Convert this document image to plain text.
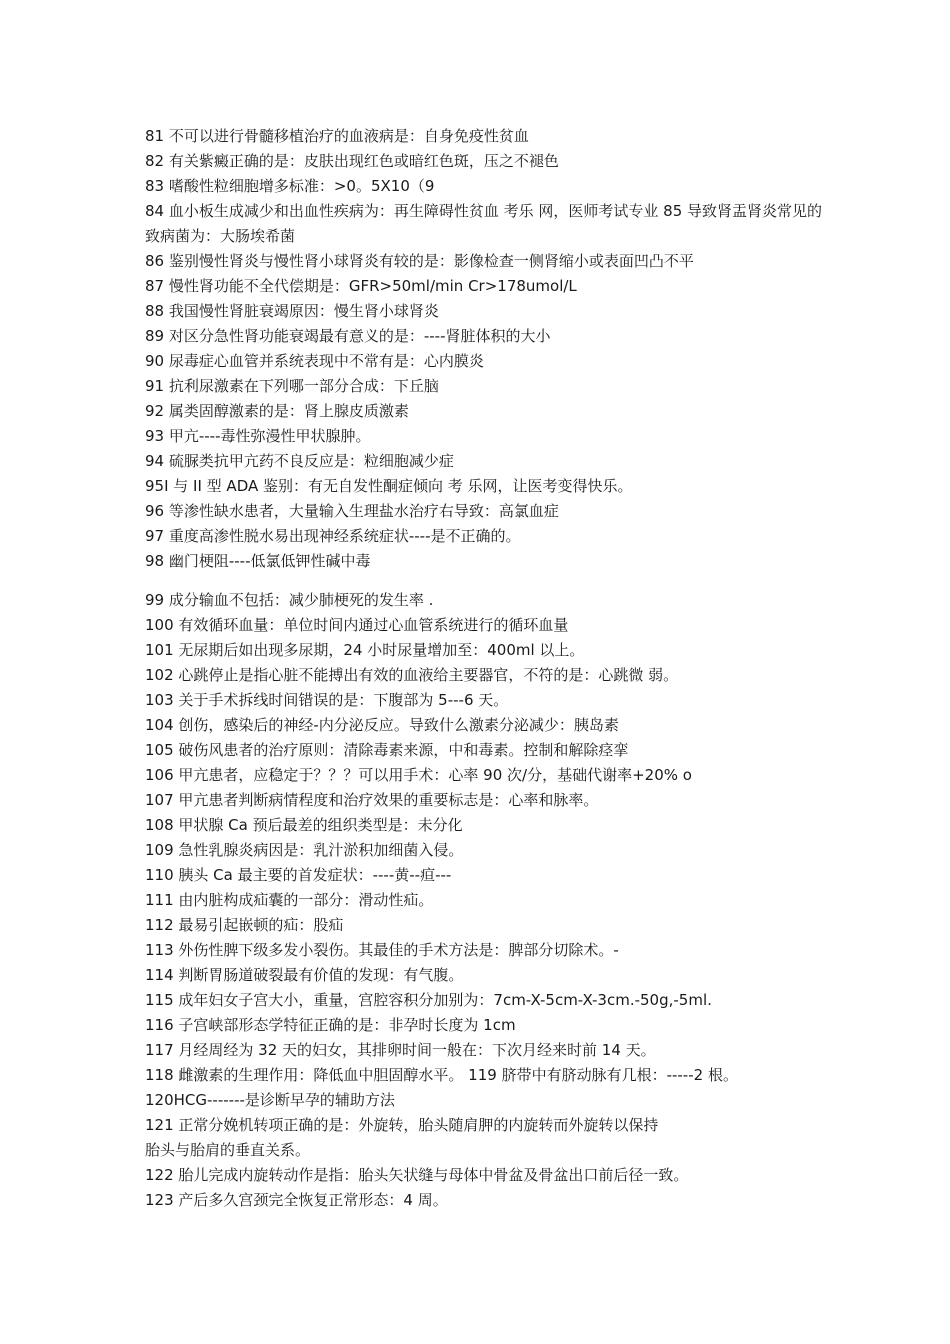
81 不可以进行骨髓移植治疗的血液病是：自身免疫性贫血
82 有关紫癜正确的是：皮肤出现红色或暗红色斑，压之不褪色
83 嗜酸性粒细胞增多标准：>0。5X10（9
84 血小板生成减少和出血性疾病为：再生障碍性贫血 考乐 网，医师考试专业 85 导致肾盂肾炎常见的致病菌为：大肠埃希菌
86 鉴别慢性肾炎与慢性肾小球肾炎有较的是：影像检查一侧肾缩小或表面凹凸不平
87 慢性肾功能不全代偿期是：GFR>50ml/min Cr>178umol/L
88 我国慢性肾脏衰竭原因：慢生肾小球肾炎
89 对区分急性肾功能衰竭最有意义的是：----肾脏体积的大小
90 尿毒症心血管并系统表现中不常有是：心内膜炎
91 抗利尿激素在下列哪一部分合成：下丘脑
92 属类固醇激素的是：肾上腺皮质激素
93 甲亢----毒性弥漫性甲状腺肿。
94 硫脲类抗甲亢药不良反应是：粒细胞减少症
95I 与 II 型 ADA 鉴别：有无自发性酮症倾向 考 乐网，让医考变得快乐。
96 等渗性缺水患者，大量输入生理盐水治疗右导致：高氯血症
97 重度高渗性脱水易出现神经系统症状----是不正确的。
98 幽门梗阻----低氯低钾性碱中毒
99 成分输血不包括：减少肺梗死的发生率 .
100 有效循环血量：单位时间内通过心血管系统进行的循环血量
101 无尿期后如出现多尿期，24 小时尿量增加至：400ml 以上。
102 心跳停止是指心脏不能搏出有效的血液给主要器官，不符的是：心跳微 弱。
103 关于手术拆线时间错误的是：下腹部为 5---6 天。
104 创伤，感染后的神经-内分泌反应。导致什么激素分泌减少：胰岛素
105 破伤风患者的治疗原则：清除毒素来源，中和毒素。控制和解除痉挛
106 甲亢患者，应稳定于？？？可以用手术：心率 90 次/分，基础代谢率+20% o
107 甲亢患者判断病情程度和治疗效果的重要标志是：心率和脉率。
108 甲状腺 Ca 预后最差的组织类型是：未分化
109 急性乳腺炎病因是：乳汁淤积加细菌入侵。
110 胰头 Ca 最主要的首发症状：----黄--疸---
111 由内脏构成疝囊的一部分：滑动性疝。
112 最易引起嵌顿的疝：股疝
113 外伤性脾下级多发小裂伤。其最佳的手术方法是：脾部分切除术。-
114 判断胃肠道破裂最有价值的发现：有气腹。
115 成年妇女子宫大小，重量，宫腔容积分加别为：7cm-X-5cm-X-3cm.-50g,-5ml.
116 子宫峡部形态学特征正确的是：非孕时长度为 1cm
117 月经周经为 32 天的妇女，其排卵时间一般在：下次月经来时前 14 天。
118 雌激素的生理作用：降低血中胆固醇水平。 119 脐带中有脐动脉有几根：-----2 根。
120HCG-------是诊断早孕的辅助方法
121 正常分娩机转项正确的是：外旋转，胎头随肩胛的内旋转而外旋转以保持
胎头与胎肩的垂直关系。
122 胎儿完成内旋转动作是指：胎头矢状缝与母体中骨盆及骨盆出口前后径一致。
123 产后多久宫颈完全恢复正常形态：4 周。
